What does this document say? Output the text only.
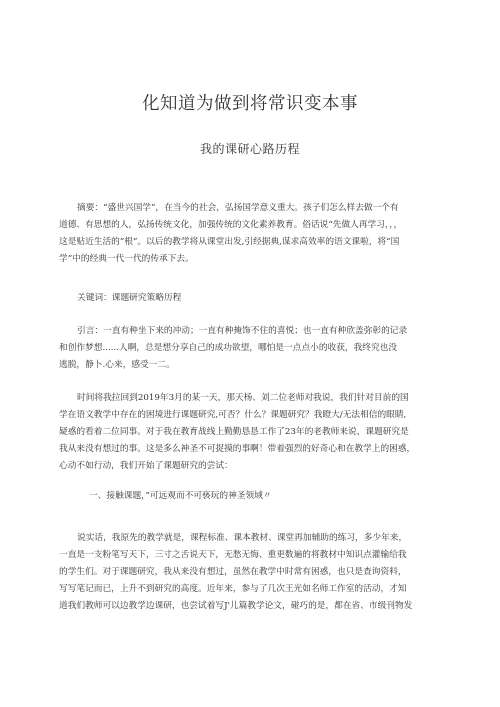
化知道为做到将常识变本事
我的课研心路历程
摘要：“盛世兴国学”，在当今的社会，弘扬国学意义重大。孩子们怎么样去做一个有
道德、有思想的人，弘扬传统文化，加强传统的文化素养教育。俗话说“先做人再学习，，，
这是贴近生活的”根”。以后的教学将从课堂出发,引经据典,谋求高效率的语文课啦，将“国
学”中的经典一代一代的传承下去。
关键词：课题研究策略历程
引言：一直有种坐下来的冲动；一直有种掩饰不住的喜悦；也一直有种欣盖弥彰的记录
和创作梦想......人啊，总是想分享自己的成功欲望，哪怕是一点点小的收获，我终究也没
逃脱，静卜.心来，感受一二。
时间将我拉回到2019年3月的某一天，那天杨、刘二位老师对我说，我们针对目前的国
学在语文教学中存在的困境进行课题研究,可否？什么？课题研究？我瞪大/无法相信的眼睛,
疑惑的看着二位同事。对于我在教育战线上勤勤恳恳工作了23年的老教师来说，课题研究是
我从来没有想过的事。这是多么神圣不可捉摸的事啊！带着强烈的好奇心和在教学上的困惑，
心动不如行动，我们开始了课题研究的尝试：
一、接触课题，”可远观而不可亵玩的神圣领域〃
说实话，我原先的教学就是，课程标准、课本教材、课堂再加辅助的练习，多少年来，
一直是一支粉笔写天下，三寸之舌说天下，无愁无悔、重更数遍的将教材中知识点灌输给我
的学生们。对于课题研究，我从来没有想过，虽然在教学中时常有困惑，也只是查询资料，
写写笔记而已，上升不到研究的高度。近年来，参与了几次王光如名师工作室的活动，才知
道我们教师可以边教学边课研，也尝试着写J'儿篇教学论文，碰巧的是，都在省、市级刊物发
